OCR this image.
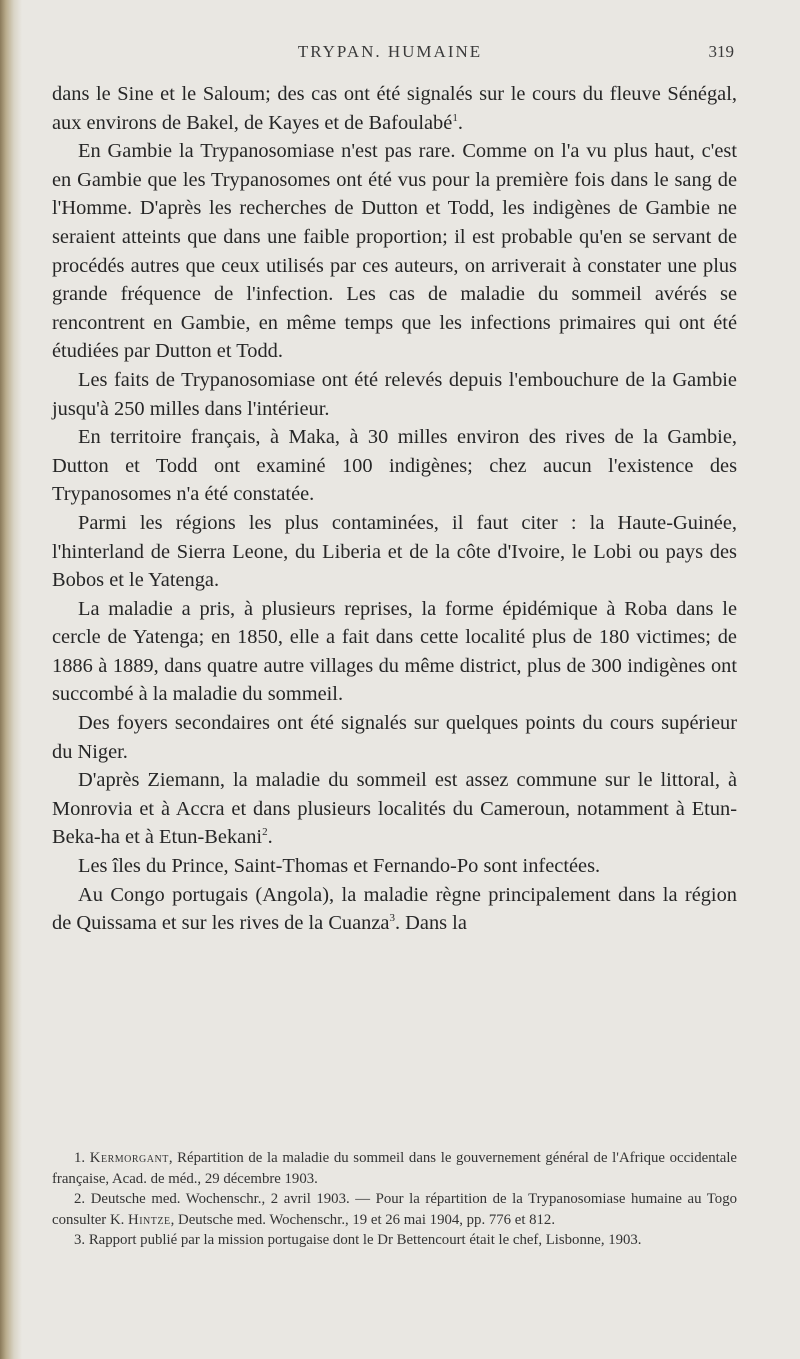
TRYPAN. HUMAINE	319

dans le Sine et le Saloum; des cas ont été signalés sur le cours du fleuve Sénégal, aux environs de Bakel, de Kayes et de Bafoulabé$^1$.

En Gambie la Trypanosomiase n'est pas rare. Comme on l'a vu plus haut, c'est en Gambie que les Trypanosomes ont été vus pour la première fois dans le sang de l'Homme. D'après les recherches de Dutton et Todd, les indigènes de Gambie ne seraient atteints que dans une faible proportion; il est probable qu'en se servant de procédés autres que ceux utilisés par ces auteurs, on arriverait à constater une plus grande fréquence de l'infection. Les cas de maladie du sommeil avérés se rencontrent en Gambie, en même temps que les infections primaires qui ont été étudiées par Dutton et Todd.

Les faits de Trypanosomiase ont été relevés depuis l'embouchure de la Gambie jusqu'à 250 milles dans l'intérieur.

En territoire français, à Maka, à 30 milles environ des rives de la Gambie, Dutton et Todd ont examiné 100 indigènes; chez aucun l'existence des Trypanosomes n'a été constatée.

Parmi les régions les plus contaminées, il faut citer : la Haute-Guinée, l'hinterland de Sierra Leone, du Liberia et de la côte d'Ivoire, le Lobi ou pays des Bobos et le Yatenga.

La maladie a pris, à plusieurs reprises, la forme épidémique à Roba dans le cercle de Yatenga; en 1850, elle a fait dans cette localité plus de 180 victimes; de 1886 à 1889, dans quatre autre villages du même district, plus de 300 indigènes ont succombé à la maladie du sommeil.

Des foyers secondaires ont été signalés sur quelques points du cours supérieur du Niger.

D'après Ziemann, la maladie du sommeil est assez commune sur le littoral, à Monrovia et à Accra et dans plusieurs localités du Cameroun, notamment à Etun-Beka-ha et à Etun-Bekani$^2$.

Les îles du Prince, Saint-Thomas et Fernando-Po sont infectées.

Au Congo portugais (Angola), la maladie règne principalement dans la région de Quissama et sur les rives de la Cuanza$^3$. Dans la

1. Kermorgant, Répartition de la maladie du sommeil dans le gouvernement général de l'Afrique occidentale française, Acad. de méd., 29 décembre 1903.

2. Deutsche med. Wochenschr., 2 avril 1903. — Pour la répartition de la Trypanosomiase humaine au Togo consulter K. Hintze, Deutsche med. Wochenschr., 19 et 26 mai 1904, pp. 776 et 812.

3. Rapport publié par la mission portugaise dont le Dr Bettencourt était le chef, Lisbonne, 1903.
